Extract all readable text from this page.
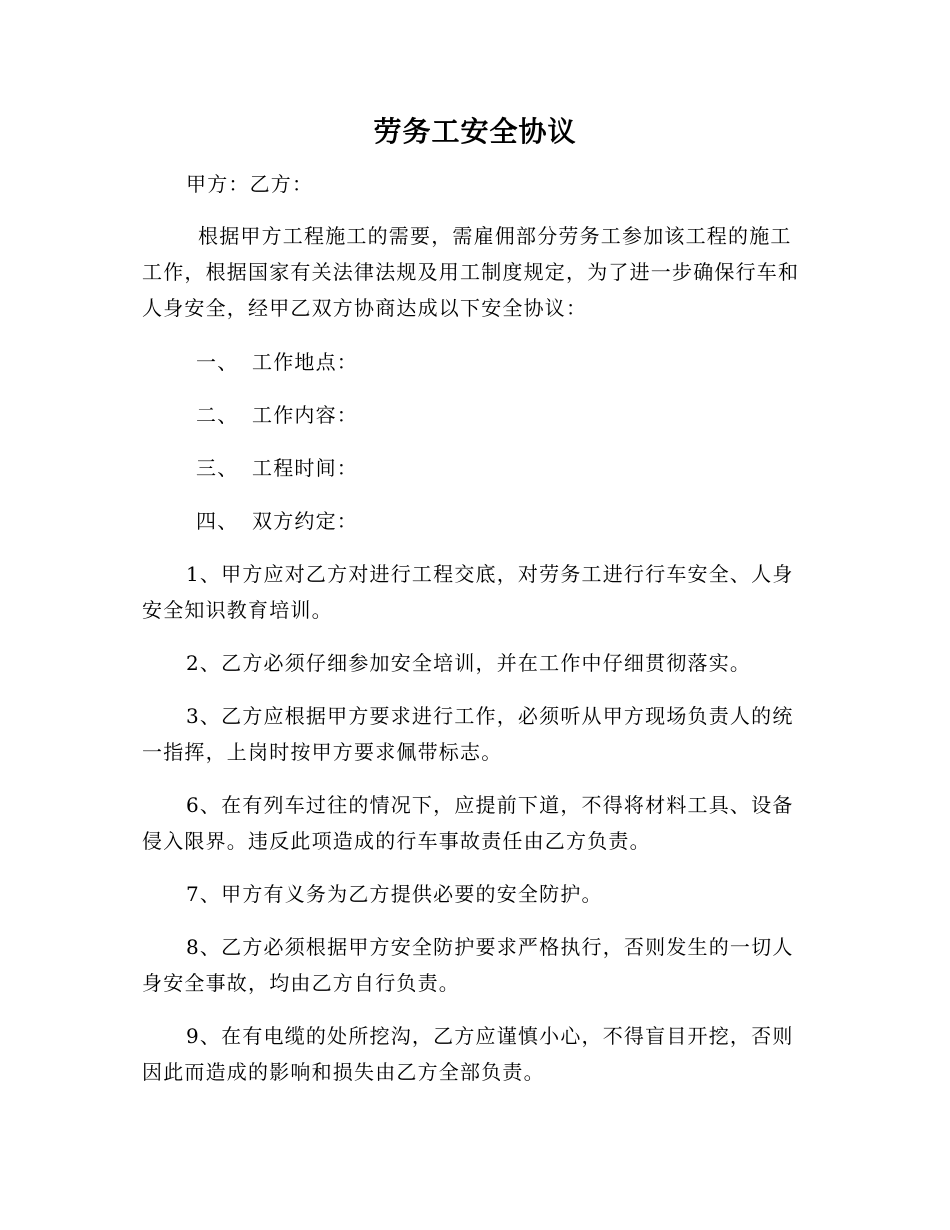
劳务工安全协议
甲方：乙方：
根据甲方工程施工的需要，需雇佣部分劳务工参加该工程的施工工作，根据国家有关法律法规及用工制度规定，为了进一步确保行车和人身安全，经甲乙双方协商达成以下安全协议：
一、 工作地点：
二、 工作内容：
三、 工程时间：
四、 双方约定：
1、甲方应对乙方对进行工程交底，对劳务工进行行车安全、人身安全知识教育培训。
2、乙方必须仔细参加安全培训，并在工作中仔细贯彻落实。
3、乙方应根据甲方要求进行工作，必须听从甲方现场负责人的统一指挥，上岗时按甲方要求佩带标志。
6、在有列车过往的情况下，应提前下道，不得将材料工具、设备侵入限界。违反此项造成的行车事故责任由乙方负责。
7、甲方有义务为乙方提供必要的安全防护。
8、乙方必须根据甲方安全防护要求严格执行，否则发生的一切人身安全事故，均由乙方自行负责。
9、在有电缆的处所挖沟，乙方应谨慎小心，不得盲目开挖，否则因此而造成的影响和损失由乙方全部负责。
